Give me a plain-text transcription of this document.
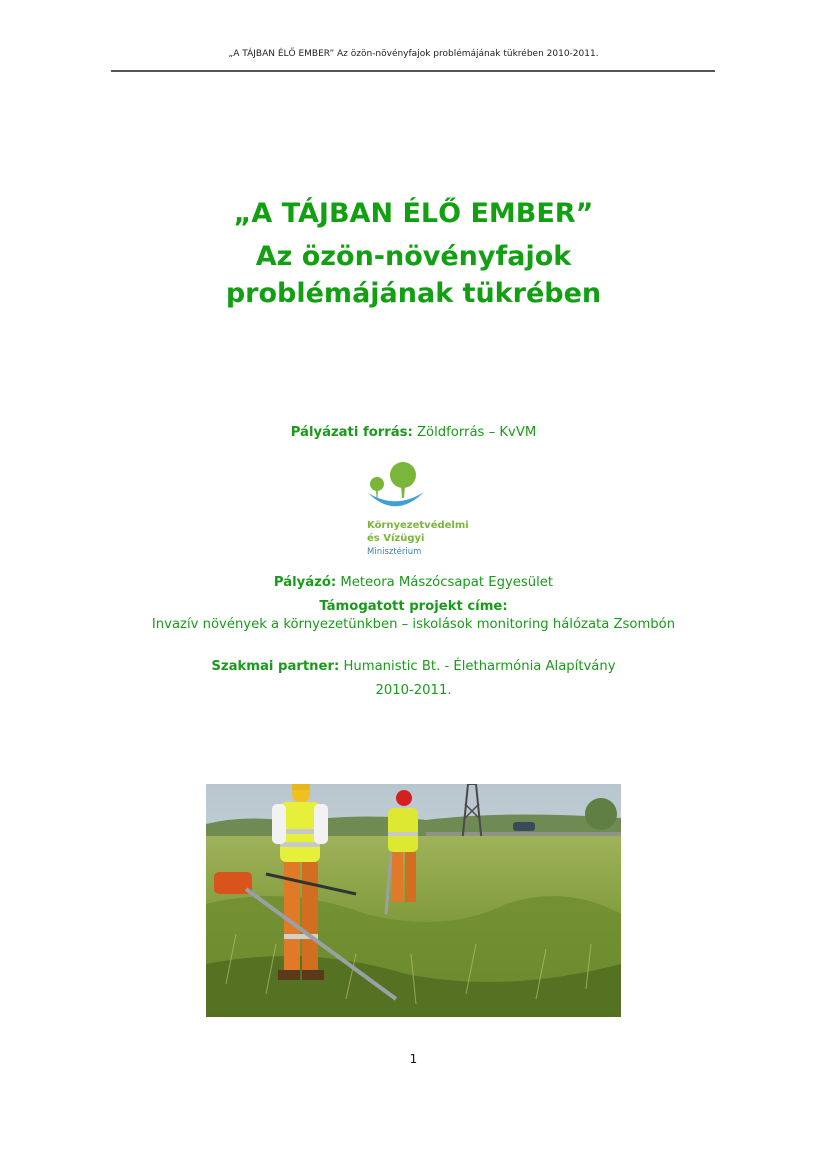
„A TÁJBAN ÉLŐ EMBER” Az özön-növényfajok problémájának tükrében 2010-2011.
„A TÁJBAN ÉLŐ EMBER”
Az özön-növényfajok
problémájának tükrében
Pályázati forrás: Zöldforrás – KvVM
Környezetvédelmi
és Vízügyi
Minisztérium
Pályázó: Meteora Mászócsapat Egyesület
Támogatott projekt címe:
Invazív növények a környezetünkben – iskolások monitoring hálózata Zsombón
Szakmai partner: Humanistic Bt. - Életharmónia Alapítvány
2010-2011.
1
